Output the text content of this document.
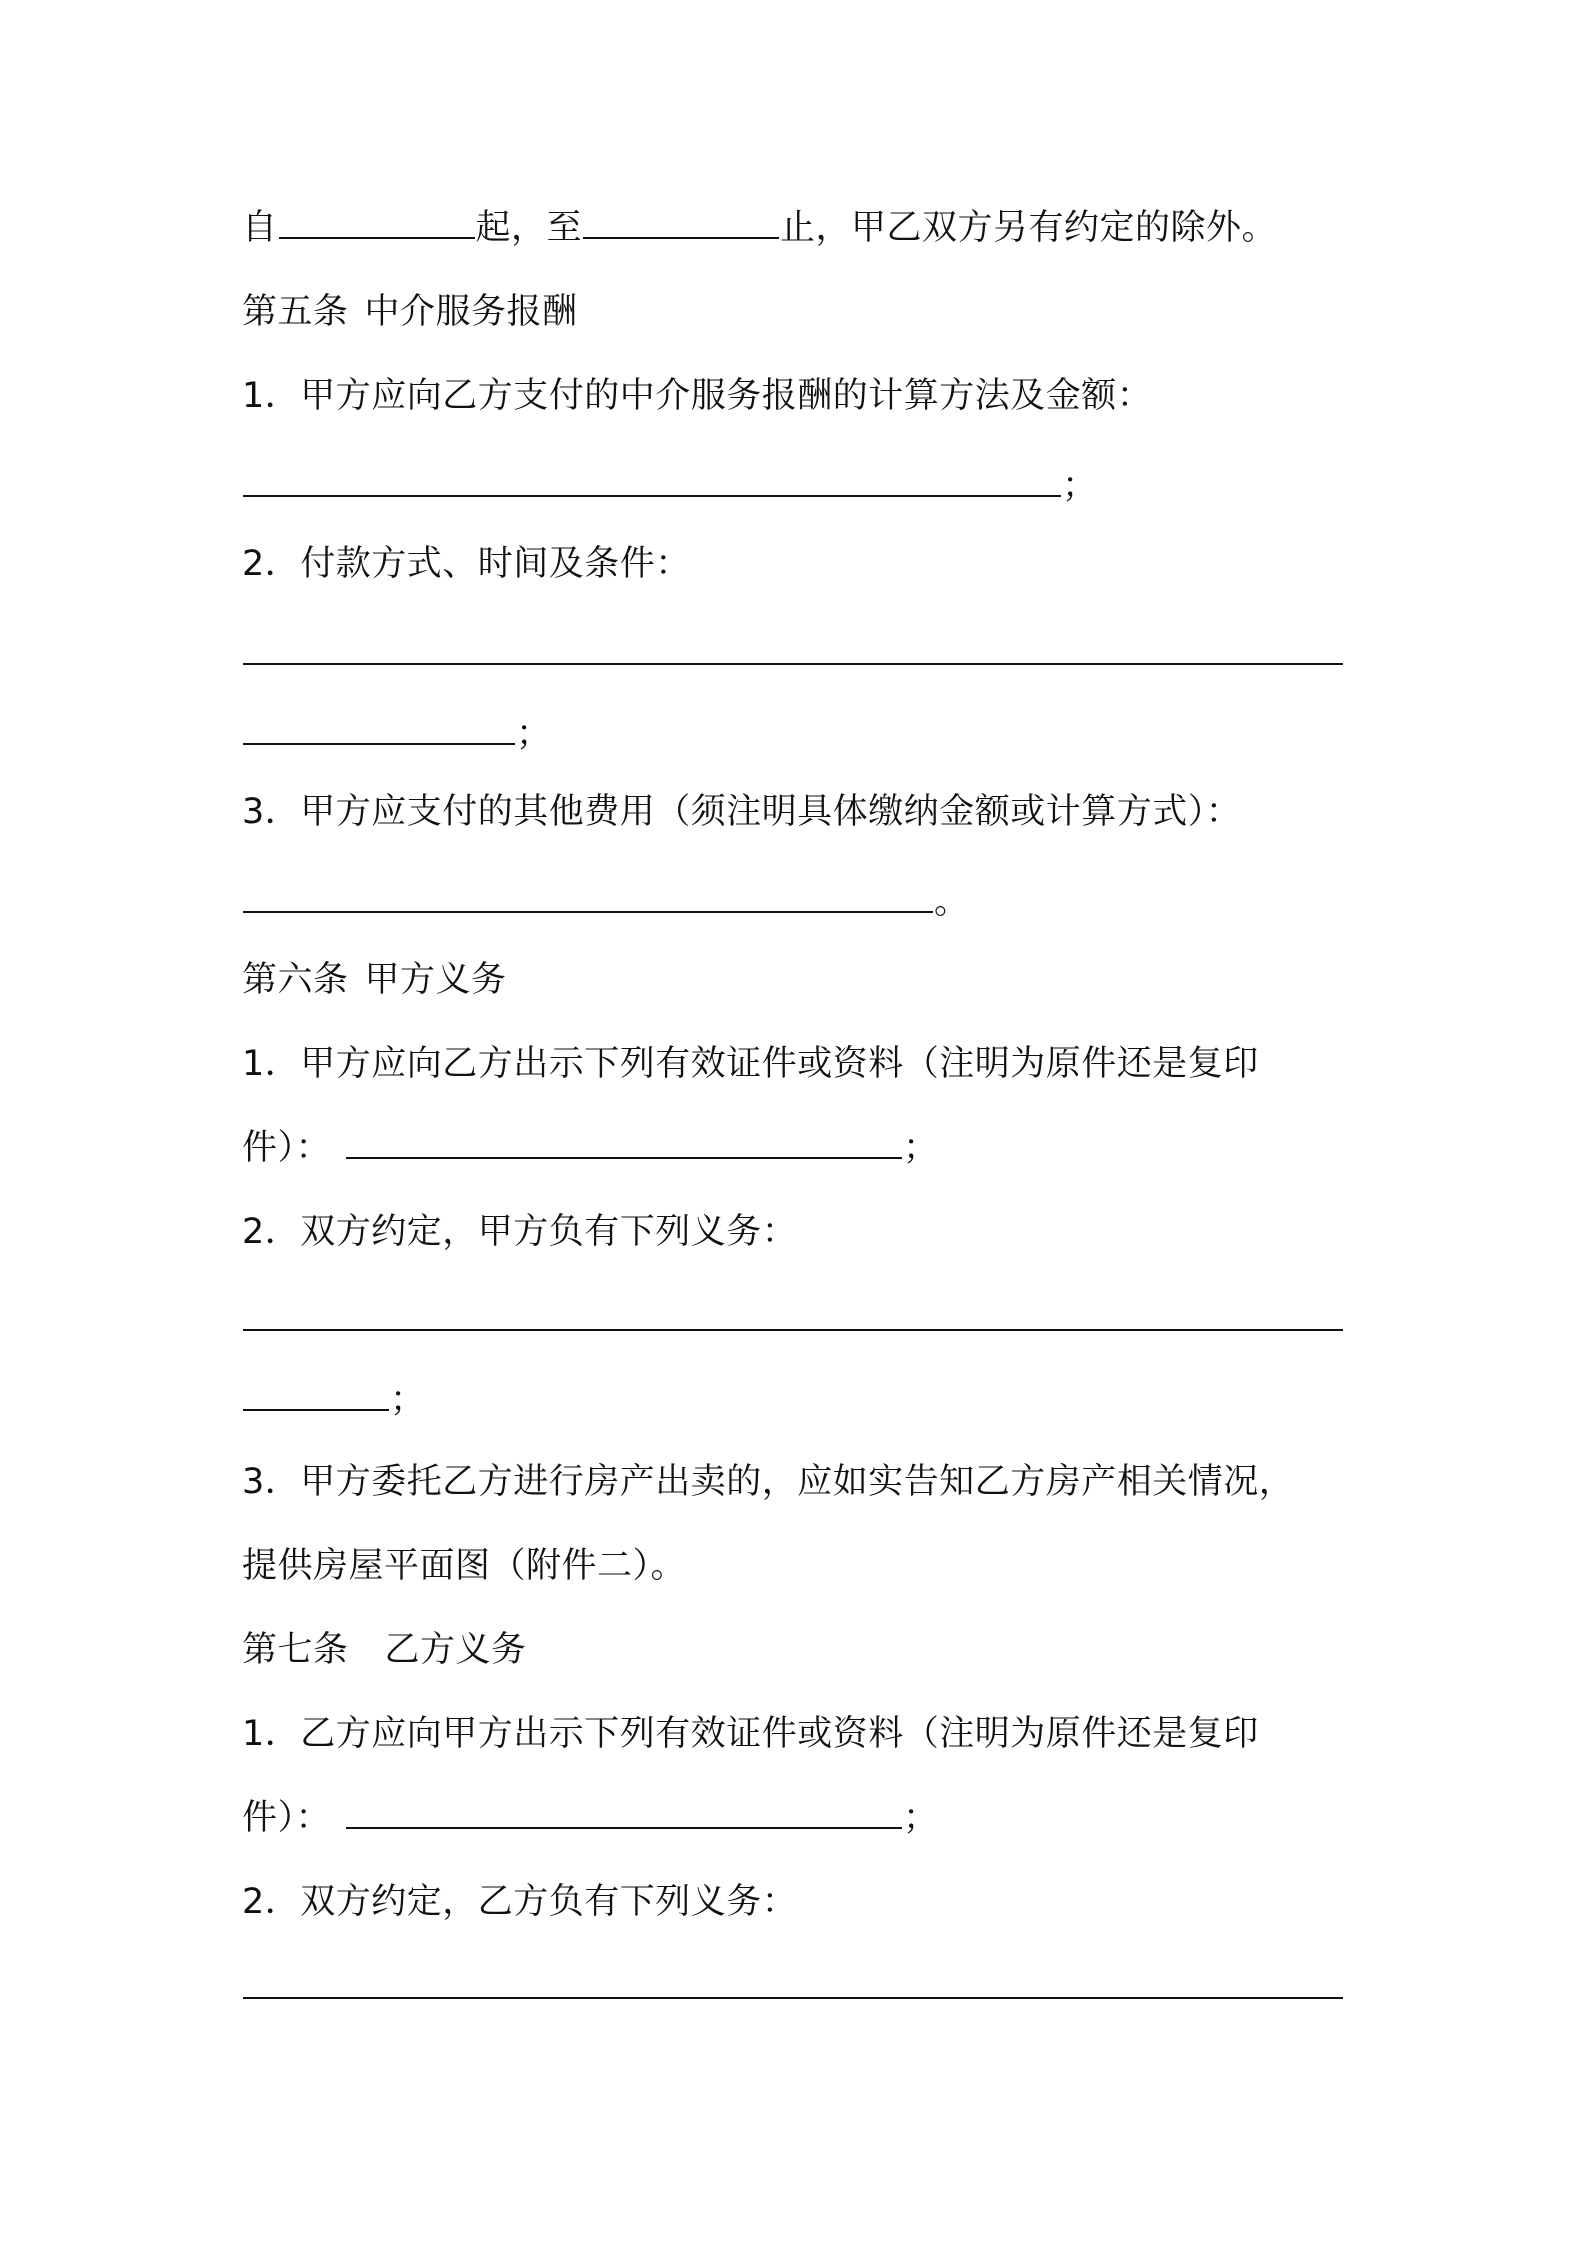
自	起，至	止，甲乙双方另有约定的除外。
第五条 中介服务报酬
1．甲方应向乙方支付的中介服务报酬的计算方法及金额：
；
2．付款方式、时间及条件：
；
3．甲方应支付的其他费用（须注明具体缴纳金额或计算方式）：
。
第六条 甲方义务
1．甲方应向乙方出示下列有效证件或资料（注明为原件还是复印
件）：	；
2．双方约定，甲方负有下列义务：
；
3．甲方委托乙方进行房产出卖的，应如实告知乙方房产相关情况，
提供房屋平面图（附件二）。
第七条 乙方义务
1．乙方应向甲方出示下列有效证件或资料（注明为原件还是复印
件）：	；
2．双方约定，乙方负有下列义务：
